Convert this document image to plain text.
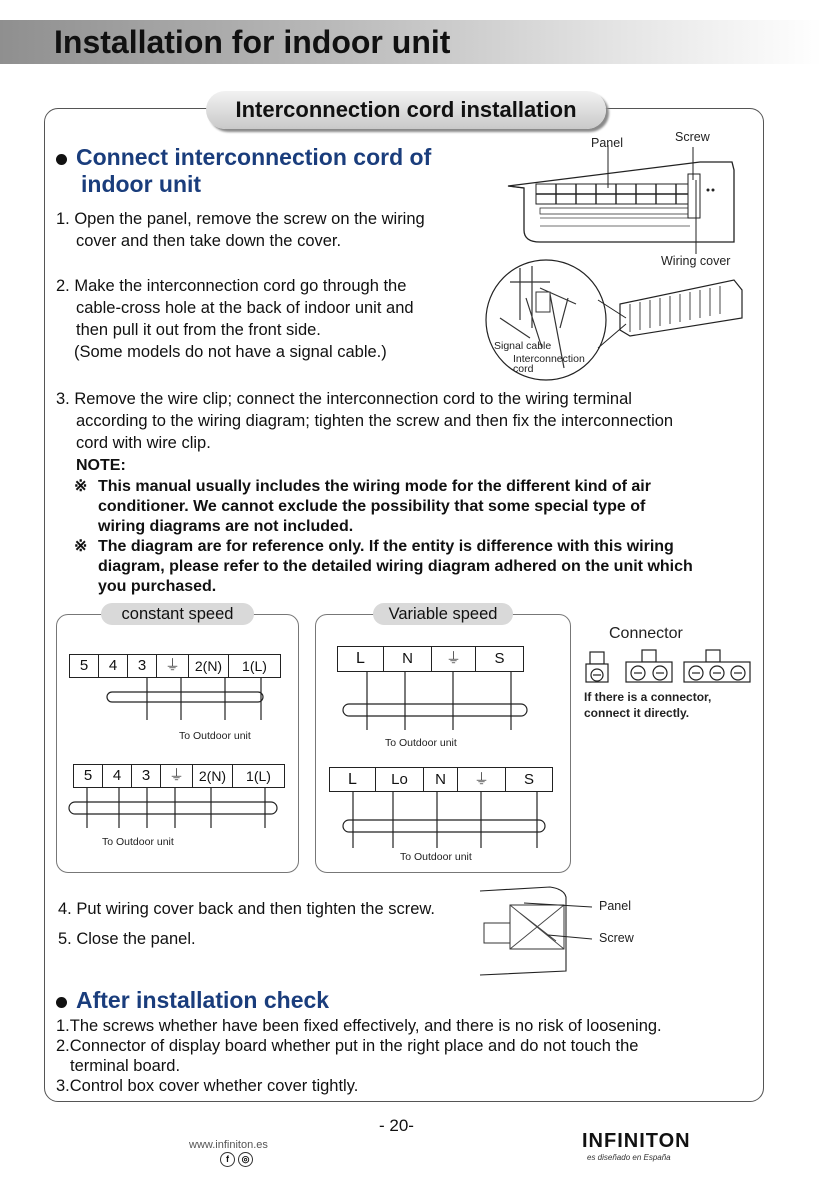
Installation for indoor unit
Interconnection cord installation
Connect interconnection cord of
indoor unit
1. Open the panel, remove the screw on the wiring
cover and then take down the cover.
2. Make the interconnection cord go through the
cable-cross hole at the back of indoor unit and
then pull it out from the front side.
(Some models do not have a signal cable.)
3. Remove the wire clip; connect the interconnection cord to the wiring terminal
according to the wiring diagram; tighten the screw and then fix the interconnection
cord with wire clip.
Panel	Screw
Wiring cover
Signal cable
Interconnection
cord
NOTE:
※ This manual usually includes the wiring mode for the different kind of air
conditioner. We cannot exclude the possibility that some special type of
wiring diagrams are not included.
※ The diagram are for reference only. If the entity is difference with this wiring
diagram, please refer to the detailed wiring diagram adhered on the unit which
you purchased.
constant speed	Variable speed
5	4	3	⏚	2(N)	1(L)
To Outdoor unit
5	4	3	⏚	2(N)	1(L)
To Outdoor unit
L	N	⏚	S
To Outdoor unit
L	Lo	N	⏚	S
To Outdoor unit
Connector
If there is a connector,
connect it directly.
4. Put wiring cover back and then tighten the screw.
5. Close the panel.
Panel
Screw
After installation check
1.The screws whether have been fixed effectively, and there is no risk of loosening.
2.Connector of display board whether put in the right place and do not touch the
terminal board.
3.Control box cover whether cover tightly.
- 20-
www.infiniton.es
f	◎
INFINITON
es diseñado en España
